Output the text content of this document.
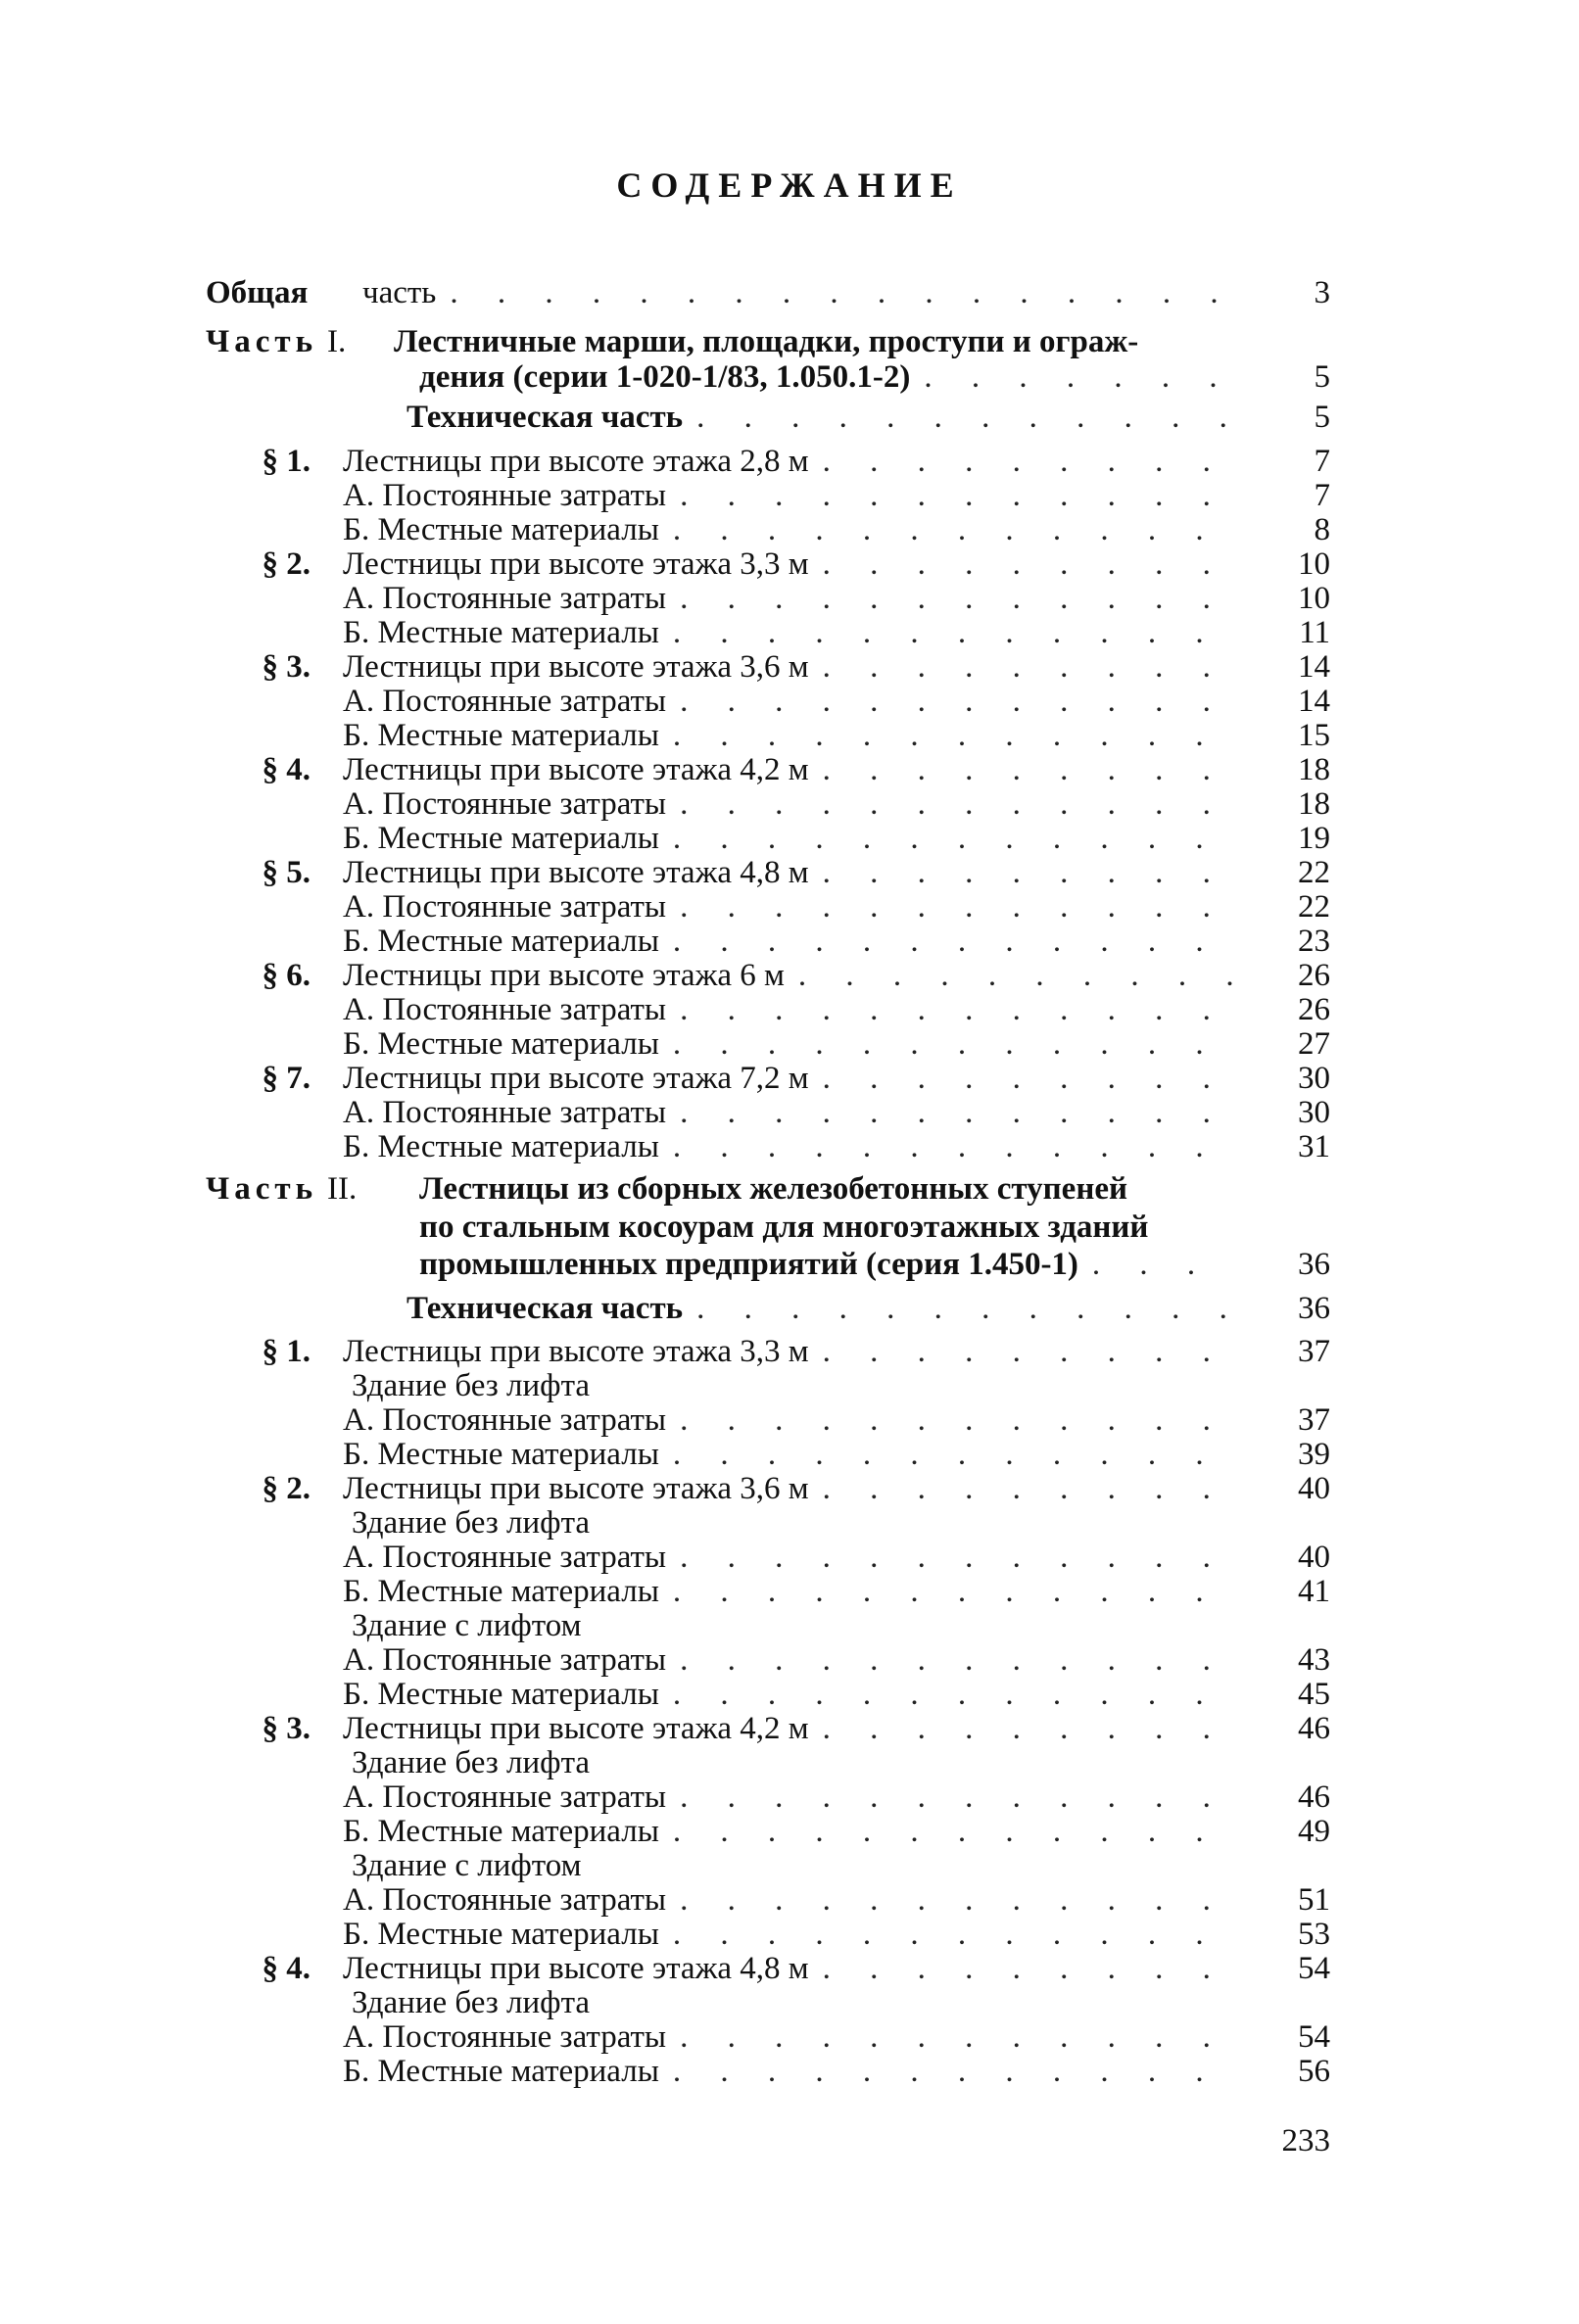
СОДЕРЖАНИЕ
Общая часть . . .	3
Часть I. Лестничные марши, площадки, проступи и ограж-
дения (серии 1-020-1/83, 1.050.1-2) . . .	5
Техническая часть . . .	5
§ 1. Лестницы при высоте этажа 2,8 м . . .	7
А. Постоянные затраты . . .	7
Б. Местные материалы . . .	8
§ 2. Лестницы при высоте этажа 3,3 м . . .	10
А. Постоянные затраты . . .	10
Б. Местные материалы . . .	11
§ 3. Лестницы при высоте этажа 3,6 м . . .	14
А. Постоянные затраты . . .	14
Б. Местные материалы . . .	15
§ 4. Лестницы при высоте этажа 4,2 м . . .	18
А. Постоянные затраты . . .	18
Б. Местные материалы . . .	19
§ 5. Лестницы при высоте этажа 4,8 м . . .	22
А. Постоянные затраты . . .	22
Б. Местные материалы . . .	23
§ 6. Лестницы при высоте этажа 6 м . . .	26
А. Постоянные затраты . . .	26
Б. Местные материалы . . .	27
§ 7. Лестницы при высоте этажа 7,2 м . . .	30
А. Постоянные затраты . . .	30
Б. Местные материалы . . .	31
Часть II. Лестницы из сборных железобетонных ступеней
по стальным косоурам для многоэтажных зданий
промышленных предприятий (серия 1.450-1) . . .	36
Техническая часть . . .	36
§ 1. Лестницы при высоте этажа 3,3 м . . .	37
Здание без лифта
А. Постоянные затраты . . .	37
Б. Местные материалы . . .	39
§ 2. Лестницы при высоте этажа 3,6 м . . .	40
Здание без лифта
А. Постоянные затраты . . .	40
Б. Местные материалы . . .	41
Здание с лифтом
А. Постоянные затраты . . .	43
Б. Местные материалы . . .	45
§ 3. Лестницы при высоте этажа 4,2 м . . .	46
Здание без лифта
А. Постоянные затраты . . .	46
Б. Местные материалы . . .	49
Здание с лифтом
А. Постоянные затраты . . .	51
Б. Местные материалы . . .	53
§ 4. Лестницы при высоте этажа 4,8 м . . .	54
Здание без лифта
А. Постоянные затраты . . .	54
Б. Местные материалы . . .	56
233
